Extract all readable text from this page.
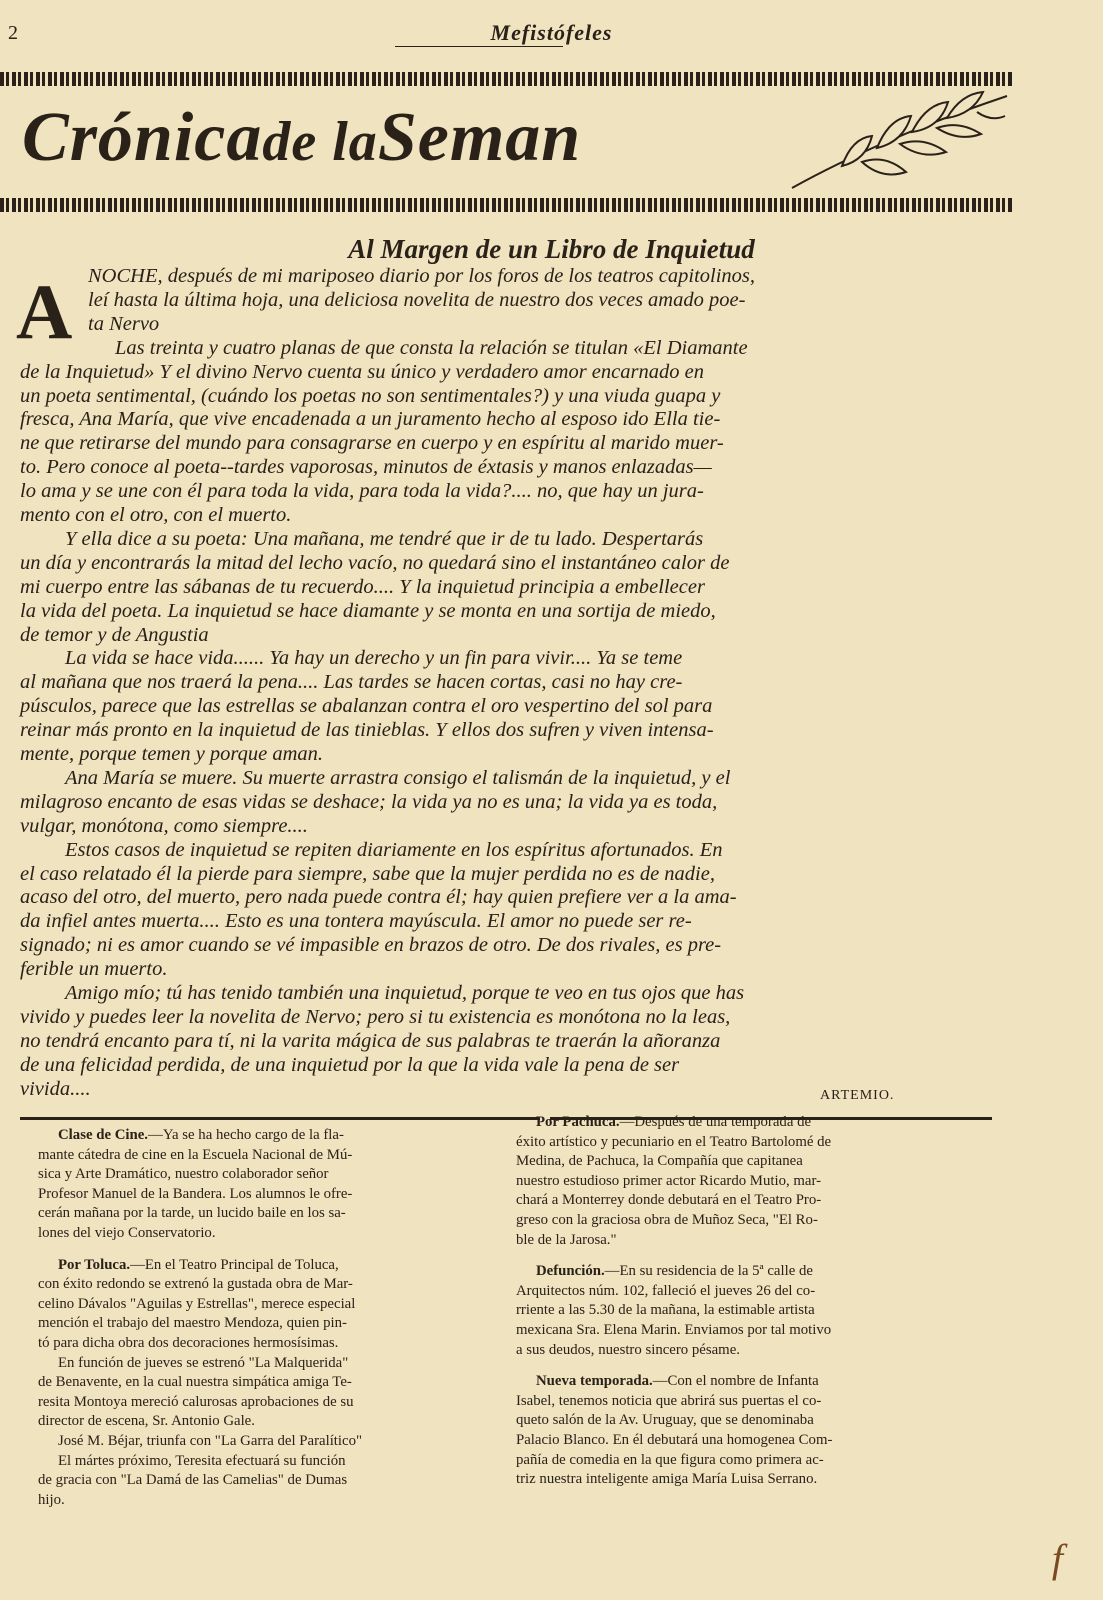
2	Mefistófeles
Crónicade laSeman
Al Margen de un Libro de Inquietud
A NOCHE, después de mi mariposeo diario por los foros de los teatros capitolinos,
leí hasta la última hoja, una deliciosa novelita de nuestro dos veces amado poe-
ta Nervo
Las treinta y cuatro planas de que consta la relación se titulan «El Diamante
de la Inquietud» Y el divino Nervo cuenta su único y verdadero amor encarnado en
un poeta sentimental, (cuándo los poetas no son sentimentales?) y una viuda guapa y
fresca, Ana María, que vive encadenada a un juramento hecho al esposo ido Ella tie-
ne que retirarse del mundo para consagrarse en cuerpo y en espíritu al marido muer-
to. Pero conoce al poeta--tardes vaporosas, minutos de éxtasis y manos enlazadas—
lo ama y se une con él para toda la vida, para toda la vida?.... no, que hay un jura-
mento con el otro, con el muerto.
Y ella dice a su poeta: Una mañana, me tendré que ir de tu lado. Despertarás
un día y encontrarás la mitad del lecho vacío, no quedará sino el instantáneo calor de
mi cuerpo entre las sábanas de tu recuerdo.... Y la inquietud principia a embellecer
la vida del poeta. La inquietud se hace diamante y se monta en una sortija de miedo,
de temor y de Angustia
La vida se hace vida...... Ya hay un derecho y un fin para vivir.... Ya se teme
al mañana que nos traerá la pena.... Las tardes se hacen cortas, casi no hay cre-
púsculos, parece que las estrellas se abalanzan contra el oro vespertino del sol para
reinar más pronto en la inquietud de las tinieblas. Y ellos dos sufren y viven intensa-
mente, porque temen y porque aman.
Ana María se muere. Su muerte arrastra consigo el talismán de la inquietud, y el
milagroso encanto de esas vidas se deshace; la vida ya no es una; la vida ya es toda,
vulgar, monótona, como siempre....
Estos casos de inquietud se repiten diariamente en los espíritus afortunados. En
el caso relatado él la pierde para siempre, sabe que la mujer perdida no es de nadie,
acaso del otro, del muerto, pero nada puede contra él; hay quien prefiere ver a la ama-
da infiel antes muerta.... Esto es una tontera mayúscula. El amor no puede ser re-
signado; ni es amor cuando se vé impasible en brazos de otro. De dos rivales, es pre-
ferible un muerto.
Amigo mío; tú has tenido también una inquietud, porque te veo en tus ojos que has
vivido y puedes leer la novelita de Nervo; pero si tu existencia es monótona no la leas,
no tendrá encanto para tí, ni la varita mágica de sus palabras te traerán la añoranza
de una felicidad perdida, de una inquietud por la que la vida vale la pena de ser
vivida....	ARTEMIO.
Clase de Cine.—Ya se ha hecho cargo de la fla-
mante cátedra de cine en la Escuela Nacional de Mú-
sica y Arte Dramático, nuestro colaborador señor
Profesor Manuel de la Bandera. Los alumnos le ofre-
cerán mañana por la tarde, un lucido baile en los sa-
lones del viejo Conservatorio.
Por Toluca.—En el Teatro Principal de Toluca,
con éxito redondo se extrenó la gustada obra de Mar-
celino Dávalos "Aguilas y Estrellas", merece especial
mención el trabajo del maestro Mendoza, quien pin-
tó para dicha obra dos decoraciones hermosísimas.
En función de jueves se estrenó "La Malquerida"
de Benavente, en la cual nuestra simpática amiga Te-
resita Montoya mereció calurosas aprobaciones de su
director de escena, Sr. Antonio Gale.
José M. Béjar, triunfa con "La Garra del Paralítico"
El mártes próximo, Teresita efectuará su función
de gracia con "La Damá de las Camelias" de Dumas
hijo.
Por Pachuca.—Después de una temporada de
éxito artístico y pecuniario en el Teatro Bartolomé de
Medina, de Pachuca, la Compañía que capitanea
nuestro estudioso primer actor Ricardo Mutio, mar-
chará a Monterrey donde debutará en el Teatro Pro-
greso con la graciosa obra de Muñoz Seca, "El Ro-
ble de la Jarosa."
Defunción.—En su residencia de la 5ª calle de
Arquitectos núm. 102, falleció el jueves 26 del co-
rriente a las 5.30 de la mañana, la estimable artista
mexicana Sra. Elena Marin. Enviamos por tal motivo
a sus deudos, nuestro sincero pésame.
Nueva temporada.—Con el nombre de Infanta
Isabel, tenemos noticia que abrirá sus puertas el co-
queto salón de la Av. Uruguay, que se denominaba
Palacio Blanco. En él debutará una homogenea Com-
pañía de comedia en la que figura como primera ac-
triz nuestra inteligente amiga María Luisa Serrano.
f
